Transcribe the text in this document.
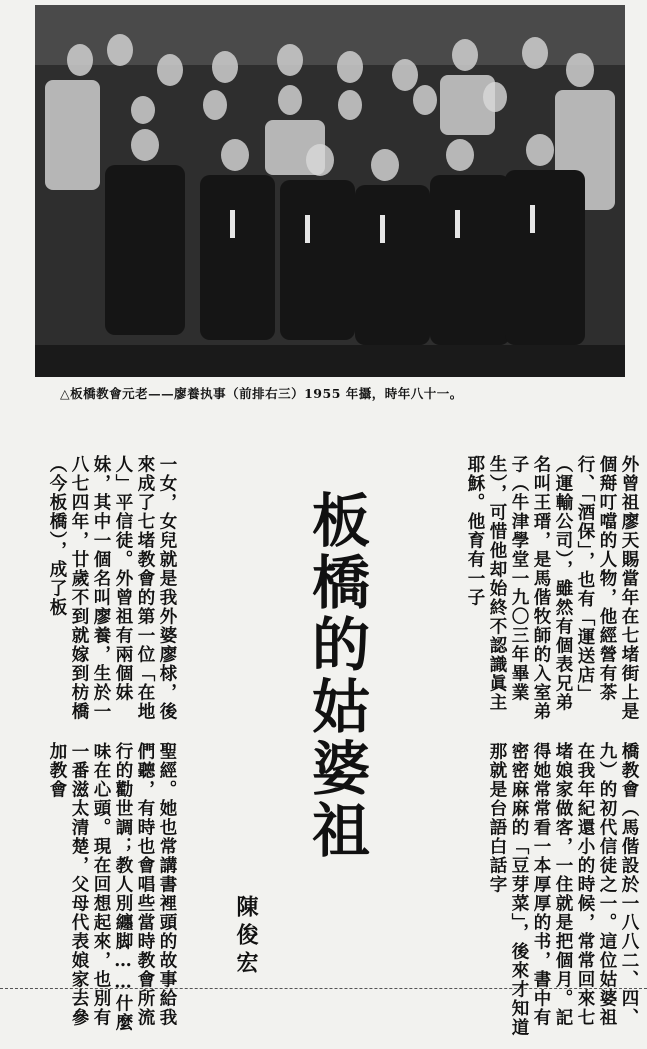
△板橋教會元老——廖養执事（前排右三）1955 年攝，時年八十一。
外曾祖廖天賜當年在七堵街上是個搿叮噹的人物，他經營有茶行、「酒保」，也有「運送店」（運輸公司），雖然有個表兄弟名叫王瑨，是馬偕牧師的入室弟子（牛津學堂一九〇三年畢業生），可惜他却始終不認識眞主耶穌。他育有一子
橋教會（馬偕設於一八八二、四、九）的初代信徒之一。這位姑婆祖在我年紀還小的時候，常常回來七堵娘家做客，一住就是把個月。記得她常常看一本厚厚的书，書中有密密麻麻的「豆芽菜」，後來才知道那就是台語白話字
板橋的姑婆祖
陳俊宏
一女，女兒就是我外婆廖梂，後來成了七堵教會的第一位「在地人」平信徒。外曾祖有兩個妹妹，其中一個名叫廖養，生於一八七四年，廿歲不到就嫁到枋橋（今板橋），成了板
聖經。她也常講書裡頭的故事給我們聽，有時也會唱些當時教會所流行的勸世調；教人別纏脚……什麼味在心頭。現在回想起來，也別有一番滋太清楚，父母代表娘家去參加教會
